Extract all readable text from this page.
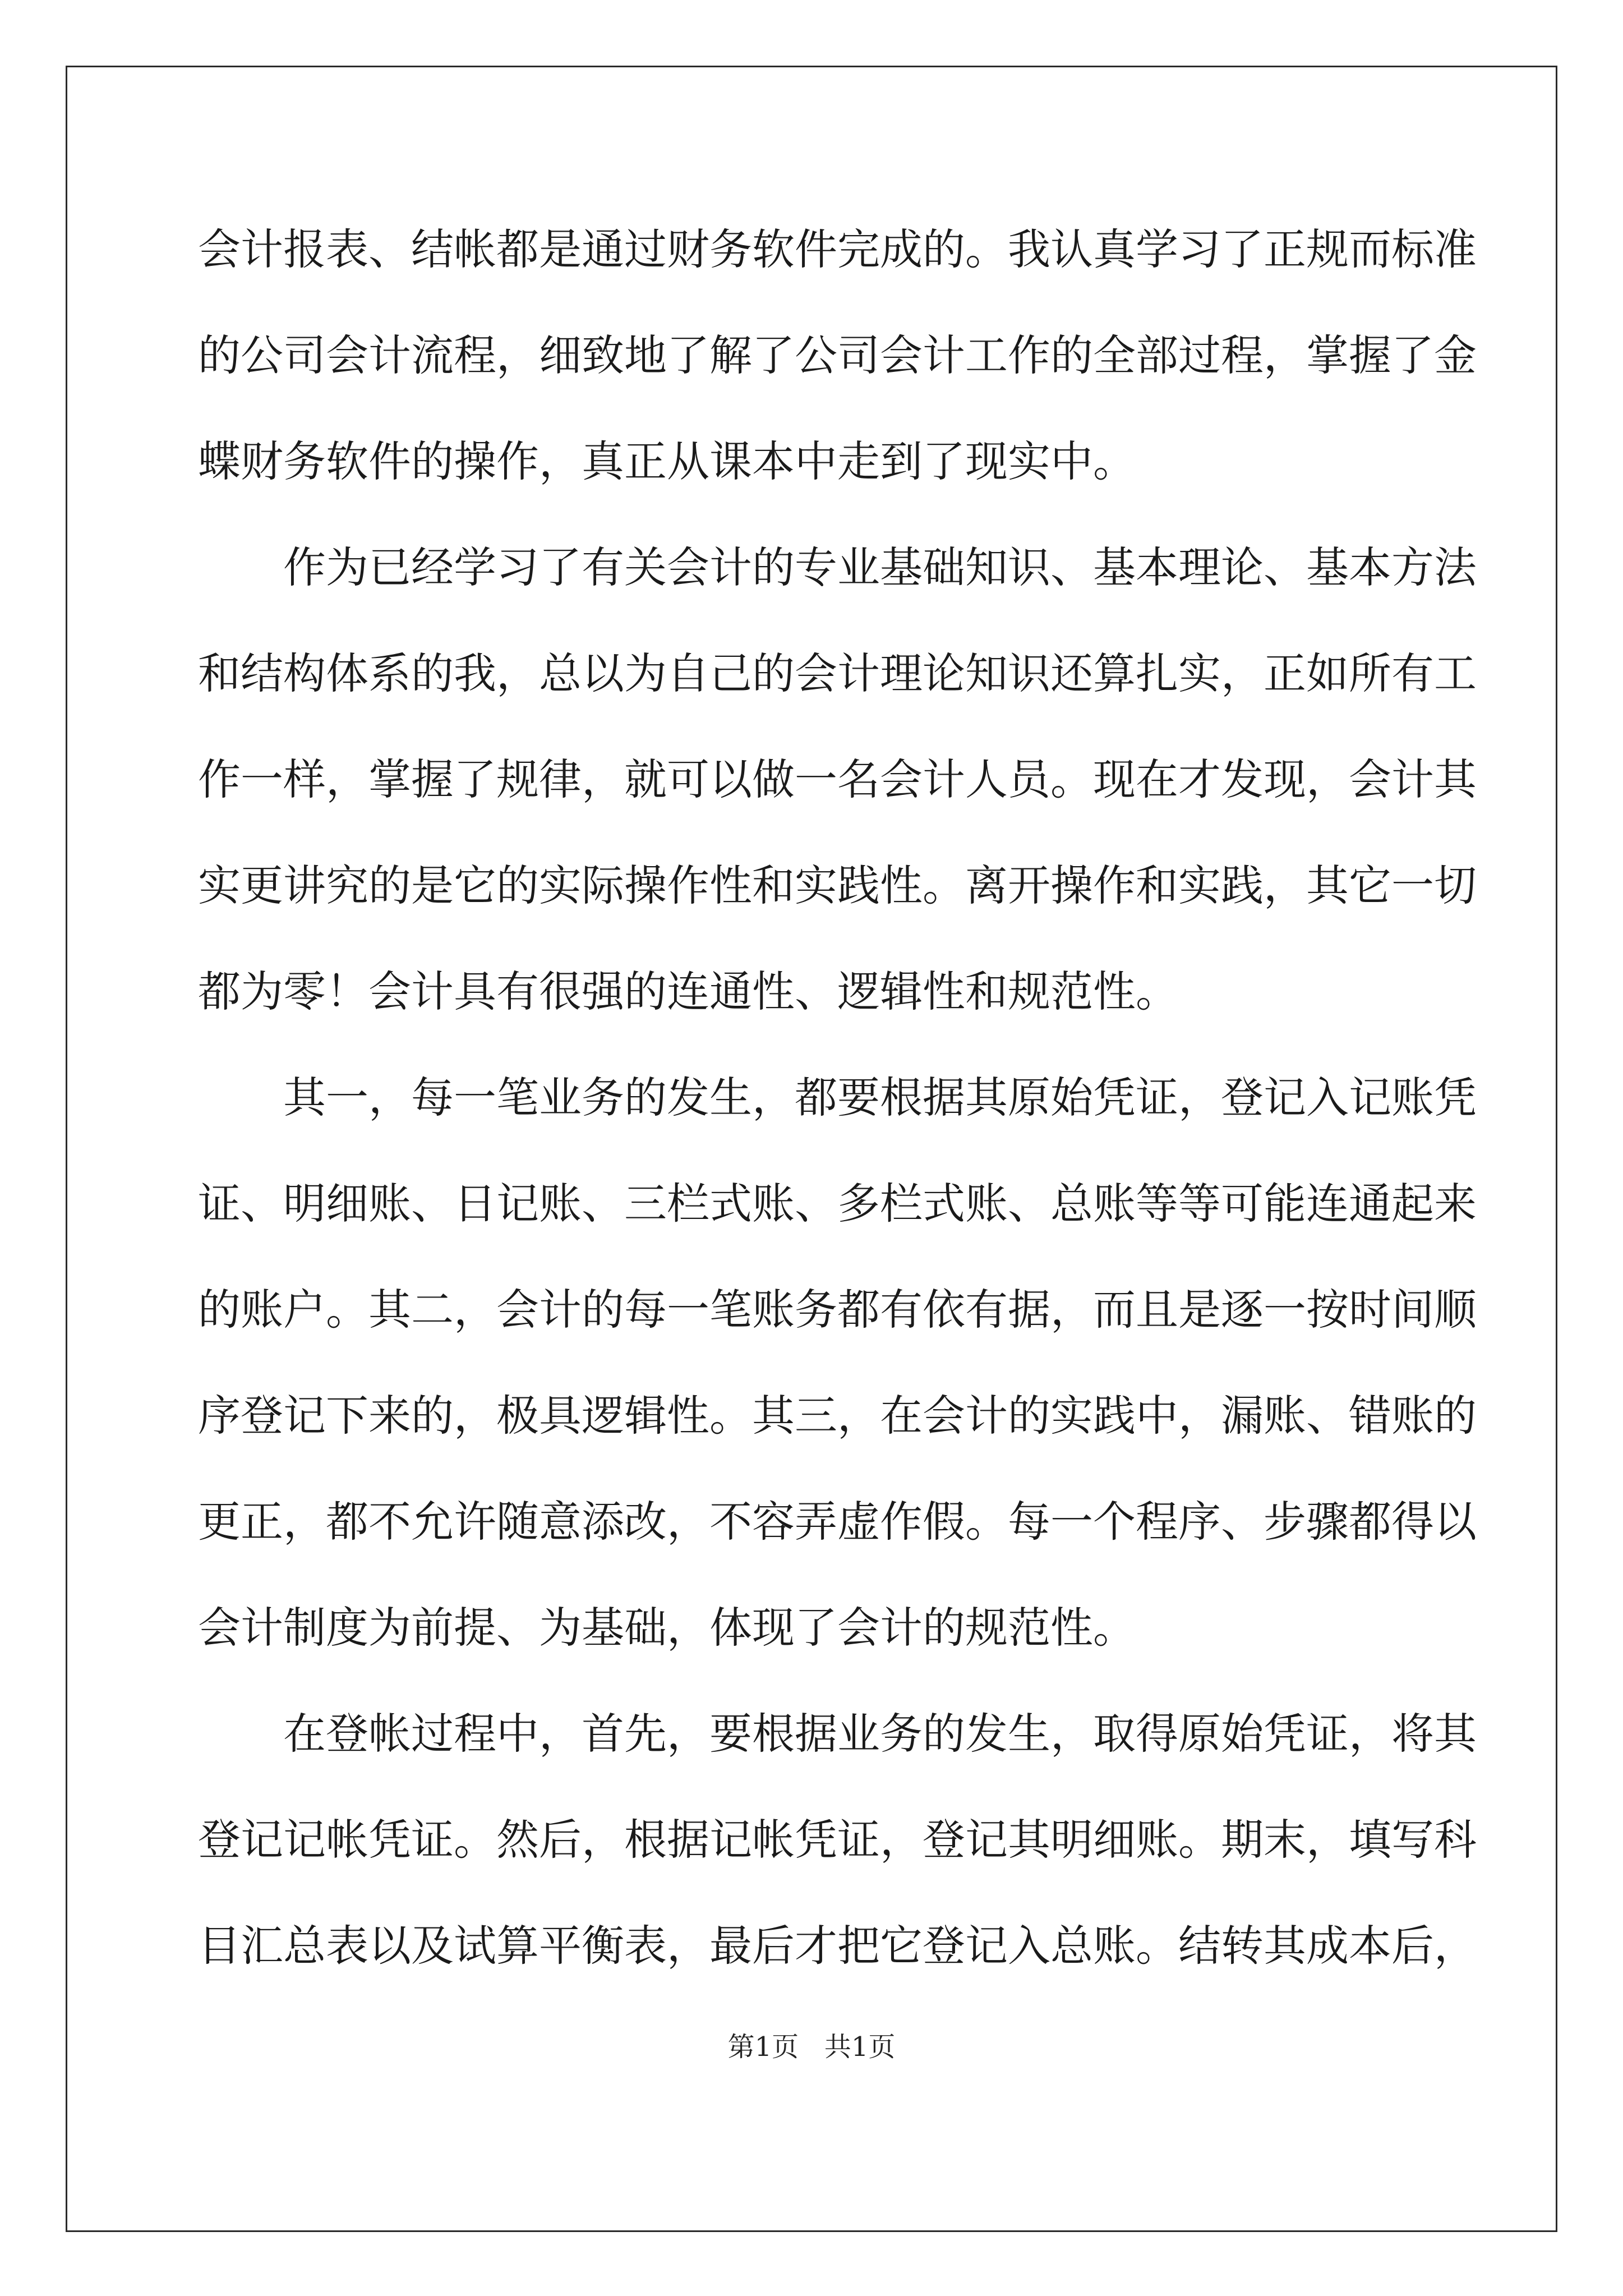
会计报表、结帐都是通过财务软件完成的。我认真学习了正规而标准
的公司会计流程，细致地了解了公司会计工作的全部过程，掌握了金
蝶财务软件的操作，真正从课本中走到了现实中。
作为已经学习了有关会计的专业基础知识、基本理论、基本方法
和结构体系的我，总以为自己的会计理论知识还算扎实，正如所有工
作一样，掌握了规律，就可以做一名会计人员。现在才发现，会计其
实更讲究的是它的实际操作性和实践性。离开操作和实践，其它一切
都为零！会计具有很强的连通性、逻辑性和规范性。
其一，每一笔业务的发生，都要根据其原始凭证，登记入记账凭
证、明细账、日记账、三栏式账、多栏式账、总账等等可能连通起来
的账户。其二，会计的每一笔账务都有依有据，而且是逐一按时间顺
序登记下来的，极具逻辑性。其三，在会计的实践中，漏账、错账的
更正，都不允许随意添改，不容弄虚作假。每一个程序、步骤都得以
会计制度为前提、为基础，体现了会计的规范性。
在登帐过程中，首先，要根据业务的发生，取得原始凭证，将其
登记记帐凭证。然后，根据记帐凭证，登记其明细账。期末，填写科
目汇总表以及试算平衡表，最后才把它登记入总账。结转其成本后，
第1页 共1页
